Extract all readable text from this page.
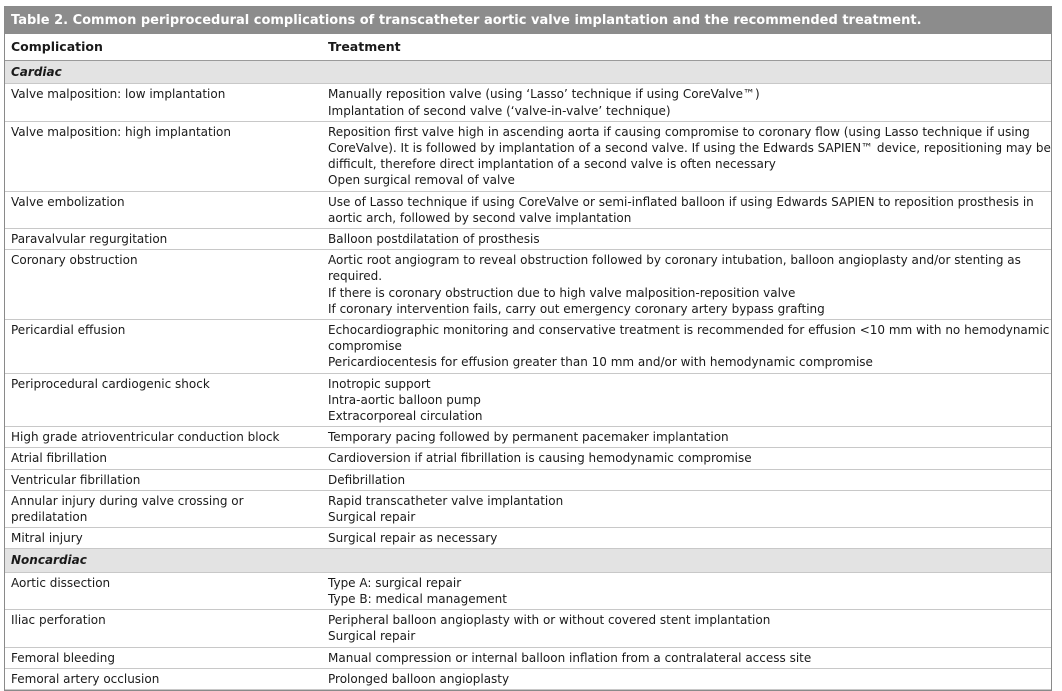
Table 2. Common periprocedural complications of transcatheter aortic valve implantation and the recommended treatment.
Complication	Treatment
Cardiac	
Valve malposition: low implantation	Manually reposition valve (using ‘Lasso’ technique if using CoreValve™)
Implantation of second valve (‘valve-in-valve’ technique)

Valve malposition: high implantation	Reposition first valve high in ascending aorta if causing compromise to coronary flow (using Lasso technique if using CoreValve). It is followed by implantation of a second valve. If using the Edwards SAPIEN™ device, repositioning may be difficult, therefore direct implantation of a second valve is often necessary
Open surgical removal of valve

Valve embolization	Use of Lasso technique if using CoreValve or semi-inflated balloon if using Edwards SAPIEN to reposition prosthesis in aortic arch, followed by second valve implantation

Paravalvular regurgitation	Balloon postdilatation of prosthesis

Coronary obstruction	Aortic root angiogram to reveal obstruction followed by coronary intubation, balloon angioplasty and/or stenting as required.
If there is coronary obstruction due to high valve malposition-reposition valve
If coronary intervention fails, carry out emergency coronary artery bypass grafting

Pericardial effusion	Echocardiographic monitoring and conservative treatment is recommended for effusion <10 mm with no hemodynamic compromise
Pericardiocentesis for effusion greater than 10 mm and/or with hemodynamic compromise

Periprocedural cardiogenic shock	Inotropic support
Intra-aortic balloon pump
Extracorporeal circulation

High grade atrioventricular conduction block	Temporary pacing followed by permanent pacemaker implantation

Atrial fibrillation	Cardioversion if atrial fibrillation is causing hemodynamic compromise

Ventricular fibrillation	Defibrillation

Annular injury during valve crossing or predilatation	Rapid transcatheter valve implantation
Surgical repair

Mitral injury	Surgical repair as necessary

Noncardiac	
Aortic dissection	Type A: surgical repair
Type B: medical management

Iliac perforation	Peripheral balloon angioplasty with or without covered stent implantation
Surgical repair

Femoral bleeding	Manual compression or internal balloon inflation from a contralateral access site

Femoral artery occlusion	Prolonged balloon angioplasty
